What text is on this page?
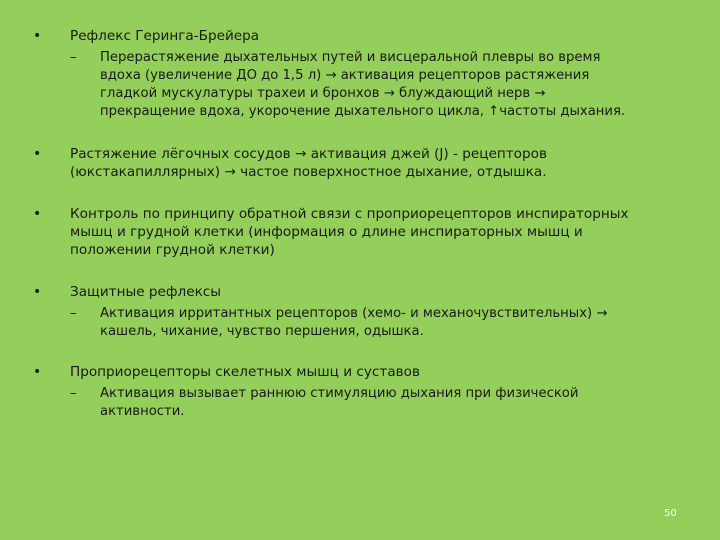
• Рефлекс Геринга-Брейера
– Перерастяжение дыхательных путей и висцеральной плевры во время
вдоха (увеличение ДО до 1,5 л) → активация рецепторов растяжения
гладкой мускулатуры трахеи и бронхов → блуждающий нерв →
прекращение вдоха, укорочение дыхательного цикла, ↑частоты дыхания.
• Растяжение лёгочных сосудов → активация джей (J) - рецепторов
(юкстакапиллярных) → частое поверхностное дыхание, отдышка.
• Контроль по принципу обратной связи с проприорецепторов инспираторных
мышц и грудной клетки (информация о длине инспираторных мышц и
положении грудной клетки)
• Защитные рефлексы
– Активация ирритантных рецепторов (хемо- и механочувствительных) →
кашель, чихание, чувство першения, одышка.
• Проприорецепторы скелетных мышц и суставов
– Активация вызывает раннюю стимуляцию дыхания при физической
активности.
50
